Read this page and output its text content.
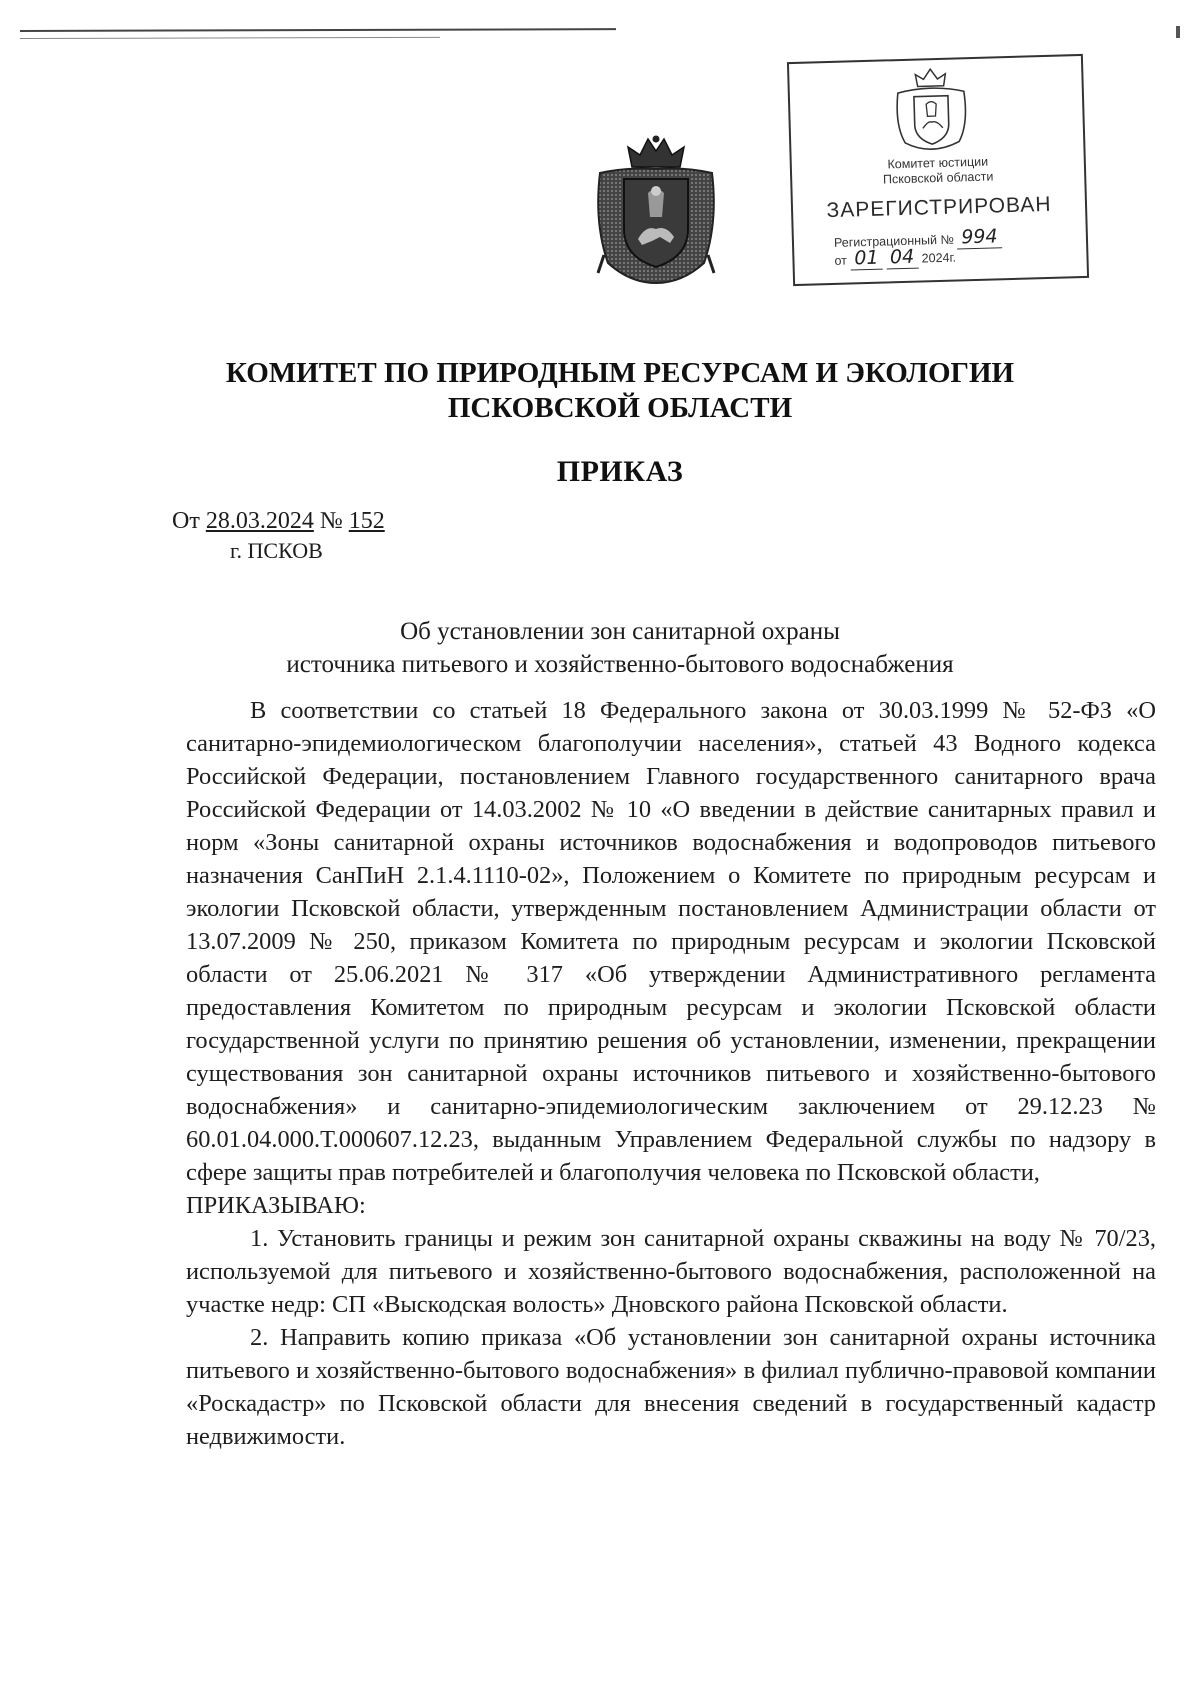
Комитет юстиции
Псковской области
ЗАРЕГИСТРИРОВАН
Регистрационный № 994
от 01 04 2024г.
КОМИТЕТ ПО ПРИРОДНЫМ РЕСУРСАМ И ЭКОЛОГИИ
ПСКОВСКОЙ ОБЛАСТИ
ПРИКАЗ
От 28.03.2024 № 152
г. ПСКОВ
Об установлении зон санитарной охраны
источника питьевого и хозяйственно-бытового водоснабжения

В соответствии со статьей 18 Федерального закона от 30.03.1999 № 52-ФЗ «О санитарно-эпидемиологическом благополучии населения», статьей 43 Водного кодекса Российской Федерации, постановлением Главного государственного санитарного врача Российской Федерации от 14.03.2002 № 10 «О введении в действие санитарных правил и норм «Зоны санитарной охраны источников водоснабжения и водопроводов питьевого назначения СанПиН 2.1.4.1110-02», Положением о Комитете по природным ресурсам и экологии Псковской области, утвержденным постановлением Администрации области от 13.07.2009 № 250, приказом Комитета по природным ресурсам и экологии Псковской области от 25.06.2021 № 317 «Об утверждении Административного регламента предоставления Комитетом по природным ресурсам и экологии Псковской области государственной услуги по принятию решения об установлении, изменении, прекращении существования зон санитарной охраны источников питьевого и хозяйственно-бытового водоснабжения» и санитарно-эпидемиологическим заключением от 29.12.23 № 60.01.04.000.Т.000607.12.23, выданным Управлением Федеральной службы по надзору в сфере защиты прав потребителей и благополучия человека по Псковской области,

ПРИКАЗЫВАЮ:

1. Установить границы и режим зон санитарной охраны скважины на воду № 70/23, используемой для питьевого и хозяйственно-бытового водоснабжения, расположенной на участке недр: СП «Выскодская волость» Дновского района Псковской области.

2. Направить копию приказа «Об установлении зон санитарной охраны источника питьевого и хозяйственно-бытового водоснабжения» в филиал публично-правовой компании «Роскадастр» по Псковской области для внесения сведений в государственный кадастр недвижимости.
